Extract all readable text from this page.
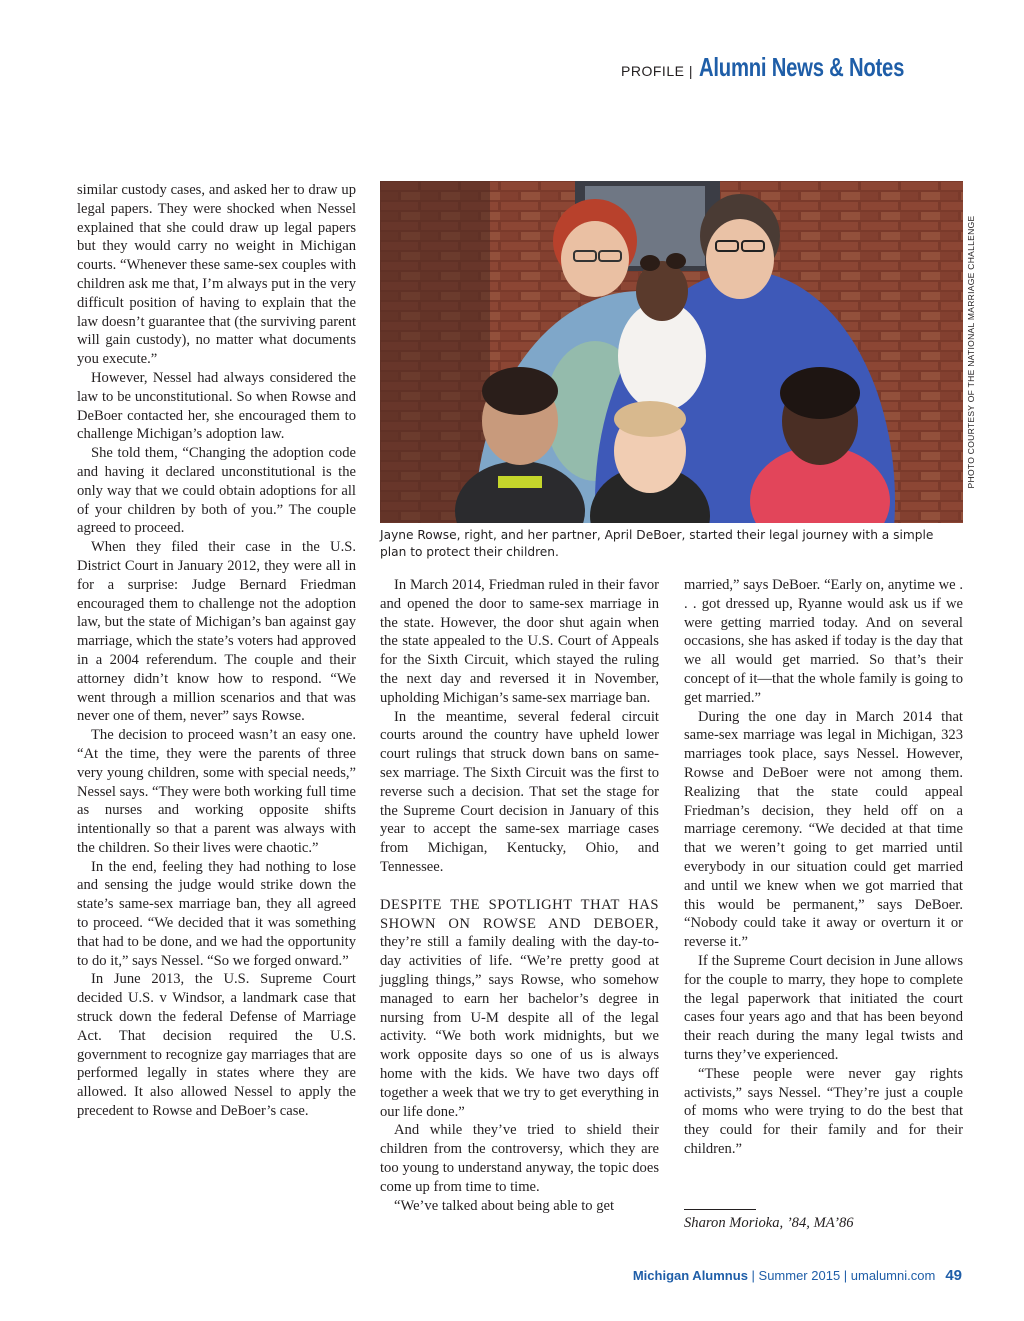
PROFILE | Alumni News & Notes

similar custody cases, and asked her to draw up legal papers. They were shocked when Nessel explained that she could draw up legal papers but they would carry no weight in Michigan courts. “Whenever these same-sex couples with children ask me that, I’m always put in the very difficult position of having to explain that the law doesn’t guarantee that (the surviving parent will gain custody), no matter what documents you execute.”

However, Nessel had always considered the law to be unconstitutional. So when Rowse and DeBoer contacted her, she encouraged them to challenge Michigan’s adoption law.

She told them, “Changing the adoption code and having it declared unconstitutional is the only way that we could obtain adoptions for all of your children by both of you.” The couple agreed to proceed.

When they filed their case in the U.S. District Court in January 2012, they were all in for a surprise: Judge Bernard Friedman encouraged them to challenge not the adoption law, but the state of Michigan’s ban against gay marriage, which the state’s voters had approved in a 2004 referendum. The couple and their attorney didn’t know how to respond. “We went through a million scenarios and that was never one of them, never” says Rowse.

The decision to proceed wasn’t an easy one. “At the time, they were the parents of three very young children, some with special needs,” Nessel says. “They were both working full time as nurses and working opposite shifts intentionally so that a parent was always with the children. So their lives were chaotic.”

In the end, feeling they had nothing to lose and sensing the judge would strike down the state’s same-sex marriage ban, they all agreed to proceed. “We decided that it was something that had to be done, and we had the opportunity to do it,” says Nessel. “So we forged onward.”

In June 2013, the U.S. Supreme Court decided U.S. v Windsor, a landmark case that struck down the federal Defense of Marriage Act. That decision required the U.S. government to recognize gay marriages that are performed legally in states where they are allowed. It also allowed Nessel to apply the precedent to Rowse and DeBoer’s case.

PHOTO COURTESY OF THE NATIONAL MARRIAGE CHALLENGE
Jayne Rowse, right, and her partner, April DeBoer, started their legal journey with a simple plan to protect their children.

In March 2014, Friedman ruled in their favor and opened the door to same-sex marriage in the state. However, the door shut again when the state appealed to the U.S. Court of Appeals for the Sixth Circuit, which stayed the ruling the next day and reversed it in November, upholding Michigan’s same-sex marriage ban.

In the meantime, several federal circuit courts around the country have upheld lower court rulings that struck down bans on same-sex marriage. The Sixth Circuit was the first to reverse such a decision. That set the stage for the Supreme Court decision in January of this year to accept the same-sex marriage cases from Michigan, Kentucky, Ohio, and Tennessee.

DESPITE THE SPOTLIGHT THAT HAS SHOWN ON ROWSE AND DEBOER, they’re still a family dealing with the day-to-day activities of life. “We’re pretty good at juggling things,” says Rowse, who somehow managed to earn her bachelor’s degree in nursing from U-M despite all of the legal activity. “We both work midnights, but we work opposite days so one of us is always home with the kids. We have two days off together a week that we try to get everything in our life done.”

And while they’ve tried to shield their children from the controversy, which they are too young to understand anyway, the topic does come up from time to time.

“We’ve talked about being able to get

married,” says DeBoer. “Early on, anytime we . . . got dressed up, Ryanne would ask us if we were getting married today. And on several occasions, she has asked if today is the day that we all would get married. So that’s their concept of it—that the whole family is going to get married.”

During the one day in March 2014 that same-sex marriage was legal in Michigan, 323 marriages took place, says Nessel. However, Rowse and DeBoer were not among them. Realizing that the state could appeal Friedman’s decision, they held off on a marriage ceremony. “We decided at that time that we weren’t going to get married until everybody in our situation could get married and until we knew when we got married that this would be permanent,” says DeBoer. “Nobody could take it away or overturn it or reverse it.”

If the Supreme Court decision in June allows for the couple to marry, they hope to complete the legal paperwork that initiated the court cases four years ago and that has been beyond their reach during the many legal twists and turns they’ve experienced.

“These people were never gay rights activists,” says Nessel. “They’re just a couple of moms who were trying to do the best that they could for their family and for their children.”

Sharon Morioka, ’84, MA’86
Michigan Alumnus | Summer 2015 | umalumni.com 49
